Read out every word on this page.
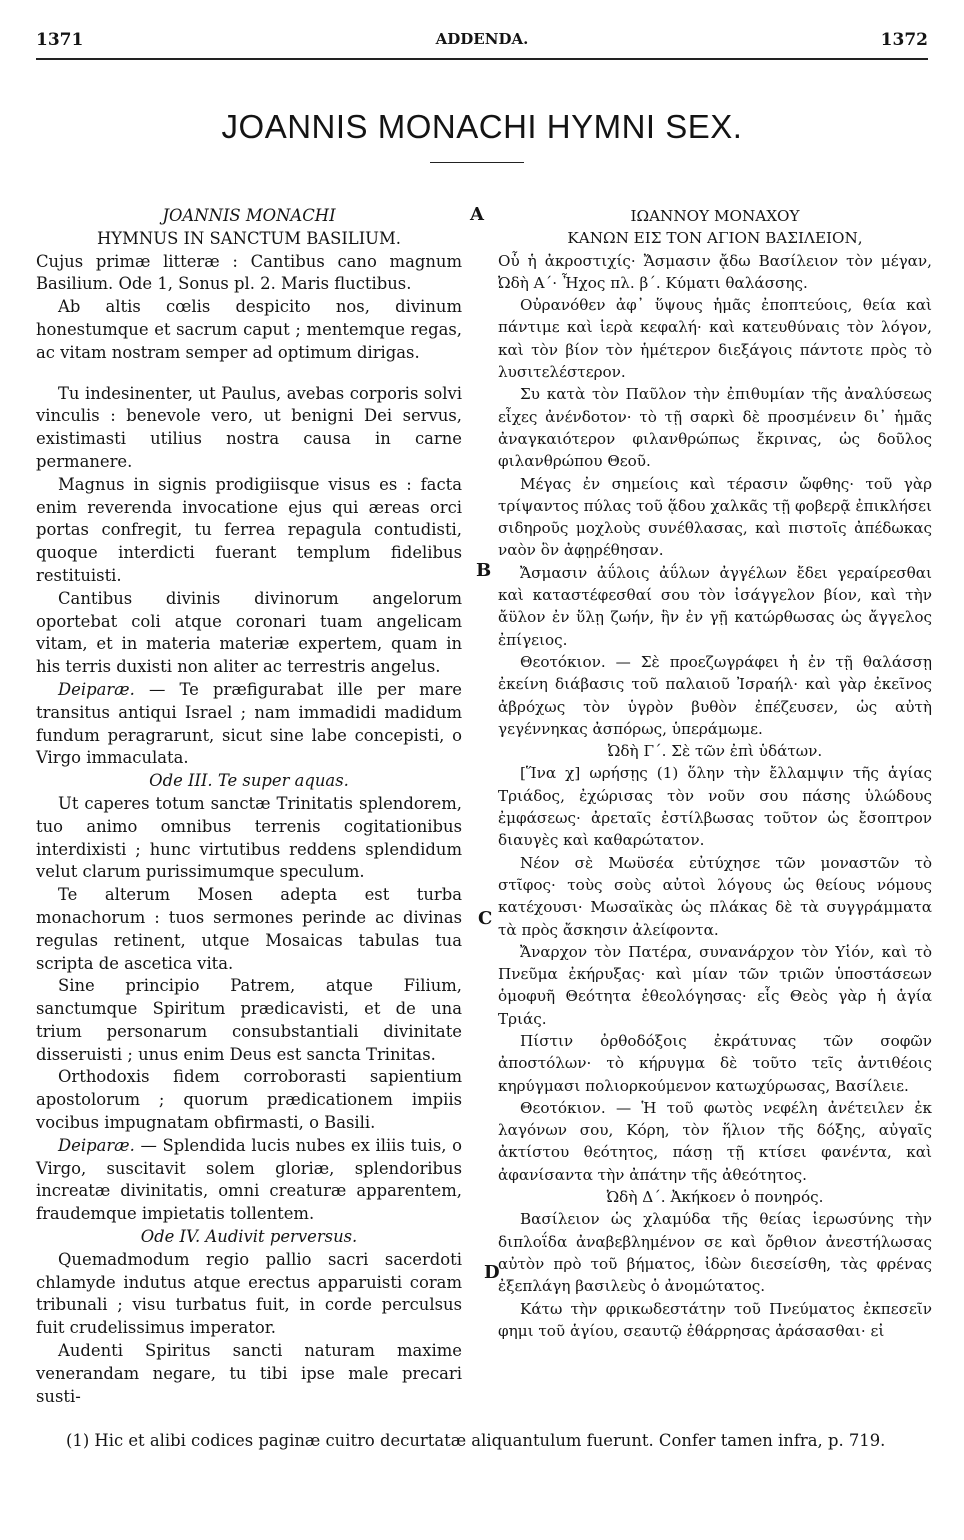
1371	ADDENDA.	1372
JOANNIS MONACHI HYMNI SEX.
A
B
C
D

JOANNIS MONACHI

HYMNUS IN SANCTUM BASILIUM.

Cujus primæ litteræ : Cantibus cano magnum Basilium. Ode 1, Sonus pl. 2. Maris fluctibus.

Ab altis cœlis despicito nos, divinum honestumque et sacrum caput ; mentemque regas, ac vitam nostram semper ad optimum dirigas.

Tu indesinenter, ut Paulus, avebas corporis solvi vinculis : benevole vero, ut benigni Dei servus, existimasti utilius nostra causa in carne permanere.

Magnus in signis prodigiisque visus es : facta enim reverenda invocatione ejus qui æreas orci portas confregit, tu ferrea repagula contudisti, quoque interdicti fuerant templum fidelibus restituisti.

Cantibus divinis divinorum angelorum oportebat coli atque coronari tuam angelicam vitam, et in materia materiæ expertem, quam in his terris duxisti non aliter ac terrestris angelus.

Deiparæ. — Te præfigurabat ille per mare transitus antiqui Israel ; nam immadidi madidum fundum peragrarunt, sicut sine labe concepisti, o Virgo immaculata.

Ode III. Te super aquas.

Ut caperes totum sanctæ Trinitatis splendorem, tuo animo omnibus terrenis cogitationibus interdixisti ; hunc virtutibus reddens splendidum velut clarum purissimumque speculum.

Te alterum Mosen adepta est turba monachorum : tuos sermones perinde ac divinas regulas retinent, utque Mosaicas tabulas tua scripta de ascetica vita.

Sine principio Patrem, atque Filium, sanctumque Spiritum prædicavisti, et de una trium personarum consubstantiali divinitate disseruisti ; unus enim Deus est sancta Trinitas.

Orthodoxis fidem corroborasti sapientium apostolorum ; quorum prædicationem impiis vocibus impugnatam obfirmasti, o Basili.

Deiparæ. — Splendida lucis nubes ex iliis tuis, o Virgo, suscitavit solem gloriæ, splendoribus increatæ divinitatis, omni creaturæ apparentem, fraudemque impietatis tollentem.

Ode IV. Audivit perversus.

Quemadmodum regio pallio sacri sacerdoti chlamyde indutus atque erectus apparuisti coram tribunali ; visu turbatus fuit, in corde perculsus fuit crudelissimus imperator.

Audenti Spiritus sancti naturam maxime venerandam negare, tu tibi ipse male precari susti-

ΙΩΑΝΝΟΥ ΜΟΝΑΧΟΥ

ΚΑΝΩΝ ΕΙΣ ΤΟΝ ΑΓΙΟΝ ΒΑΣΙΛΕΙΟΝ,

Οὗ ἡ ἀκροστιχίς· Ἄσμασιν ᾄδω Βασίλειον τὸν μέγαν, Ὠδὴ Α΄· Ἦχος πλ. β΄. Κύματι θαλάσσης.

Οὐρανόθεν ἀφ᾿ ὕψους ἡμᾶς ἐποπτεύοις, θεία καὶ πάντιμε καὶ ἱερὰ κεφαλή· καὶ κατευθύναις τὸν λόγον, καὶ τὸν βίον τὸν ἡμέτερον διεξάγοις πάντοτε πρὸς τὸ λυσιτελέστερον.

Συ κατὰ τὸν Παῦλον τὴν ἐπιθυμίαν τῆς ἀναλύσεως εἶχες ἀνένδοτον· τὸ τῇ σαρκὶ δὲ προσμένειν δι᾿ ἡμᾶς ἀναγκαιότερον φιλανθρώπως ἔκρινας, ὡς δοῦλος φιλανθρώπου Θεοῦ.

Μέγας ἐν σημείοις καὶ τέρασιν ὤφθης· τοῦ γὰρ τρίψαντος πύλας τοῦ ᾅδου χαλκᾶς τῇ φοβερᾷ ἐπικλήσει σιδηροῦς μοχλοὺς συνέθλασας, καὶ πιστοῖς ἀπέδωκας ναὸν ὃν ἀφῃρέθησαν.

Ἄσμασιν ἀΰλοις ἀΰλων ἀγγέλων ἔδει γεραίρεσθαι καὶ καταστέφεσθαί σου τὸν ἰσάγγελον βίον, καὶ τὴν ἄϋλον ἐν ὕλῃ ζωήν, ἣν ἐν γῇ κατώρθωσας ὡς ἄγγελος ἐπίγειος.

Θεοτόκιον. — Σὲ προεζωγράφει ἡ ἐν τῇ θαλάσσῃ ἐκείνη διάβασις τοῦ παλαιοῦ Ἰσραήλ· καὶ γὰρ ἐκεῖνος ἀβρόχως τὸν ὑγρὸν βυθὸν ἐπέζευσεν, ὡς αὐτὴ γεγέννηκας ἀσπόρως, ὑπεράμωμε.

Ὠδὴ Γ΄. Σὲ τῶν ἐπὶ ὑδάτων.

[Ἵνα χ] ωρήσῃς (1) ὅλην τὴν ἔλλαμψιν τῆς ἁγίας Τριάδος, ἐχώρισας τὸν νοῦν σου πάσης ὑλώδους ἐμφάσεως· ἀρεταῖς ἐστίλβωσας τοῦτον ὡς ἔσοπτρον διαυγὲς καὶ καθαρώτατον.

Νέον σὲ Μωϋσέα εὐτύχησε τῶν μοναστῶν τὸ στῖφος· τοὺς σοὺς αὐτοὶ λόγους ὡς θείους νόμους κατέχουσι· Μωσαϊκὰς ὡς πλάκας δὲ τὰ συγγράμματα τὰ πρὸς ἄσκησιν ἀλείφοντα.

Ἄναρχον τὸν Πατέρα, συνανάρχον τὸν Υἱόν, καὶ τὸ Πνεῦμα ἐκήρυξας· καὶ μίαν τῶν τριῶν ὑποστάσεων ὁμοφυῆ Θεότητα ἐθεολόγησας· εἷς Θεὸς γὰρ ἡ ἁγία Τριάς.

Πίστιν ὀρθοδόξοις ἐκράτυνας τῶν σοφῶν ἀποστόλων· τὸ κήρυγμα δὲ τοῦτο τεῖς ἀντιθέοις κηρύγμασι πολιορκούμενον κατωχύρωσας, Βασίλειε.

Θεοτόκιον. — Ἡ τοῦ φωτὸς νεφέλη ἀνέτειλεν ἐκ λαγόνων σου, Κόρη, τὸν ἥλιον τῆς δόξης, αὐγαῖς ἀκτίστου θεότητος, πάσῃ τῇ κτίσει φανέντα, καὶ ἀφανίσαντα τὴν ἀπάτην τῆς ἀθεότητος.

Ὠδὴ Δ΄. Ἀκήκοεν ὁ πονηρός.

Βασίλειον ὡς χλαμύδα τῆς θείας ἱερωσύνης τὴν διπλοΐδα ἀναβεβλημένον σε καὶ ὄρθιον ἀνεστήλωσας αὐτὸν πρὸ τοῦ βήματος, ἰδὼν διεσείσθη, τὰς φρένας ἐξεπλάγη βασιλεὺς ὁ ἀνομώτατος.

Κάτω τὴν φρικωδεστάτην τοῦ Πνεύματος ἐκπεσεῖν φημι τοῦ ἁγίου, σεαυτῷ ἐθάρρησας ἀράσασθαι· εἰ

(1) Hic et alibi codices paginæ cuitro decurtatæ aliquantulum fuerunt. Confer tamen infra, p. 719.
